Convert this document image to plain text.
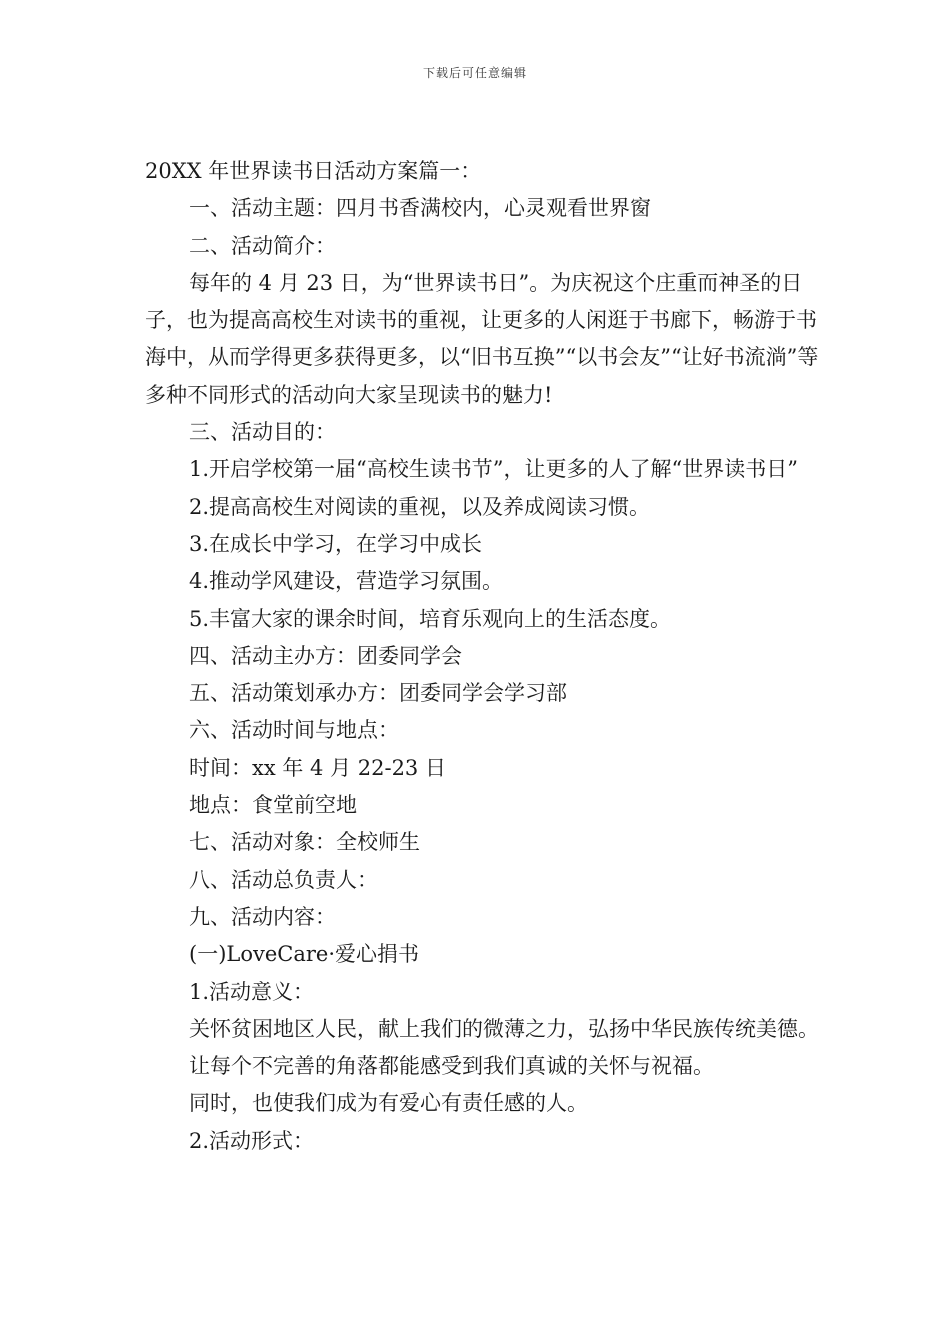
下载后可任意编辑

20XX 年世界读书日活动方案篇一：

一、活动主题：四月书香满校内，心灵观看世界窗

二、活动简介：

每年的 4 月 23 日，为“世界读书日”。为庆祝这个庄重而神圣的日子，也为提高高校生对读书的重视，让更多的人闲逛于书廊下，畅游于书海中，从而学得更多获得更多，以“旧书互换”“以书会友”“让好书流淌”等多种不同形式的活动向大家呈现读书的魅力!

三、活动目的：

1.开启学校第一届“高校生读书节”，让更多的人了解“世界读书日”

2.提高高校生对阅读的重视，以及养成阅读习惯。

3.在成长中学习，在学习中成长

4.推动学风建设，营造学习氛围。

5.丰富大家的课余时间，培育乐观向上的生活态度。

四、活动主办方：团委同学会

五、活动策划承办方：团委同学会学习部

六、活动时间与地点：

时间：xx 年 4 月 22-23 日

地点：食堂前空地

七、活动对象：全校师生

八、活动总负责人：

九、活动内容：

(一)LoveCare·爱心捐书

1.活动意义：

关怀贫困地区人民，献上我们的微薄之力，弘扬中华民族传统美德。

让每个不完善的角落都能感受到我们真诚的关怀与祝福。

同时，也使我们成为有爱心有责任感的人。

2.活动形式：
